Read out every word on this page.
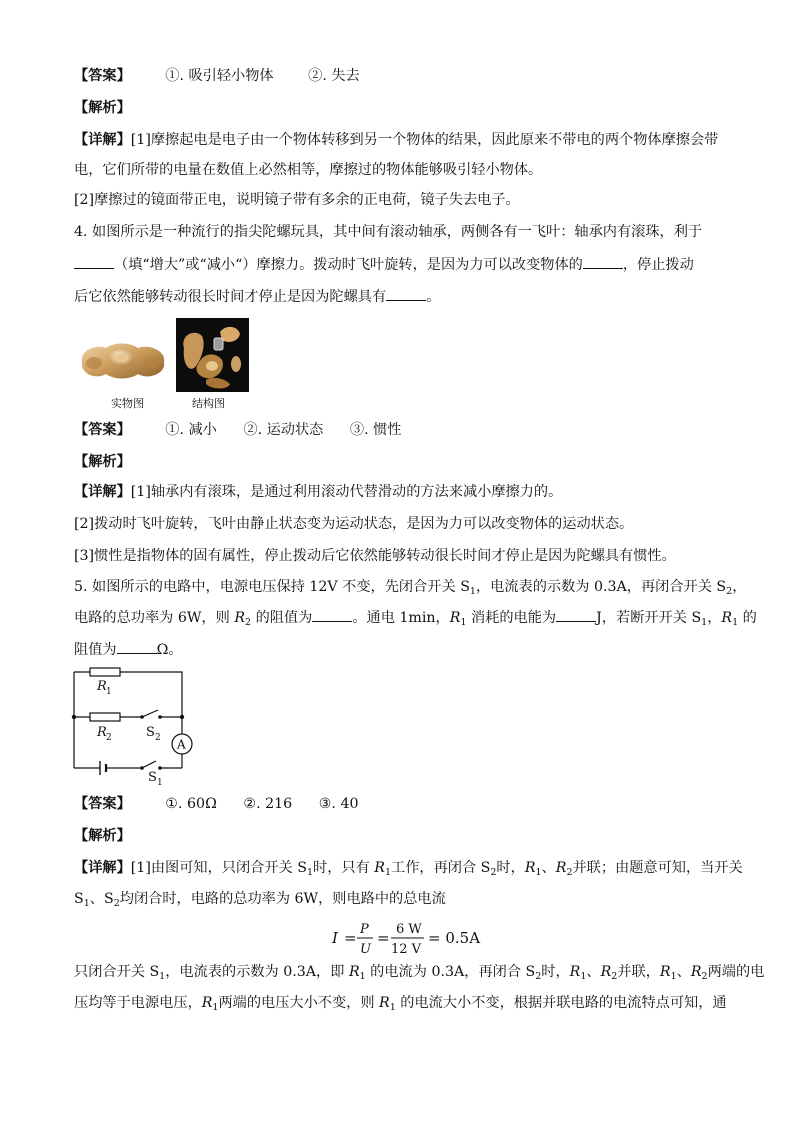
【答案】 ①. 吸引轻小物体 ②. 失去
【解析】
【详解】[1]摩擦起电是电子由一个物体转移到另一个物体的结果，因此原来不带电的两个物体摩擦会带
电，它们所带的电量在数值上必然相等，摩擦过的物体能够吸引轻小物体。
[2]摩擦过的镜面带正电，说明镜子带有多余的正电荷，镜子失去电子。
4. 如图所示是一种流行的指尖陀螺玩具，其中间有滚动轴承，两侧各有一飞叶：轴承内有滚珠，利于
（填“增大”或“减小“）摩擦力。拨动时飞叶旋转，是因为力可以改变物体的	，停止拨动
后它依然能够转动很长时间才停止是因为陀螺具有	。
实物图	结构图
【答案】 ①. 减小 ②. 运动状态 ③. 惯性
【解析】
【详解】[1]轴承内有滚珠，是通过利用滚动代替滑动的方法来减小摩擦力的。
[2]拨动时飞叶旋转，飞叶由静止状态变为运动状态，是因为力可以改变物体的运动状态。
[3]惯性是指物体的固有属性，停止拨动后它依然能够转动很长时间才停止是因为陀螺具有惯性。
5. 如图所示的电路中，电源电压保持 12V 不变，先闭合开关 $S_1$，电流表的示数为 0.3A，再闭合开关 $S_2$，
电路的总功率为 6W，则 $R_2$ 的阻值为	。通电 1min，$R_1$ 消耗的电能为	J，若断开开关 $S_1$，$R_1$ 的
阻值为	Ω。
A
R 1
R 2	S 2
S 1
【答案】 ①. 60Ω ②. 216 ③. 40
【解析】
【详解】[1]由图可知，只闭合开关 $S_1$时，只有 $R_1$工作，再闭合 $S_2$时，$R_1$、$R_2$并联；由题意可知，当开关
$S_1$、$S_2$均闭合时，电路的总功率为 6W，则电路中的总电流
I = P
U
= 6 W
12 V
= 0.5A
只闭合开关 $S_1$，电流表的示数为 0.3A，即 $R_1$ 的电流为 0.3A，再闭合 $S_2$时，$R_1$、$R_2$并联，$R_1$、$R_2$两端的电
压均等于电源电压，$R_1$两端的电压大小不变，则 $R_1$ 的电流大小不变，根据并联电路的电流特点可知，通
